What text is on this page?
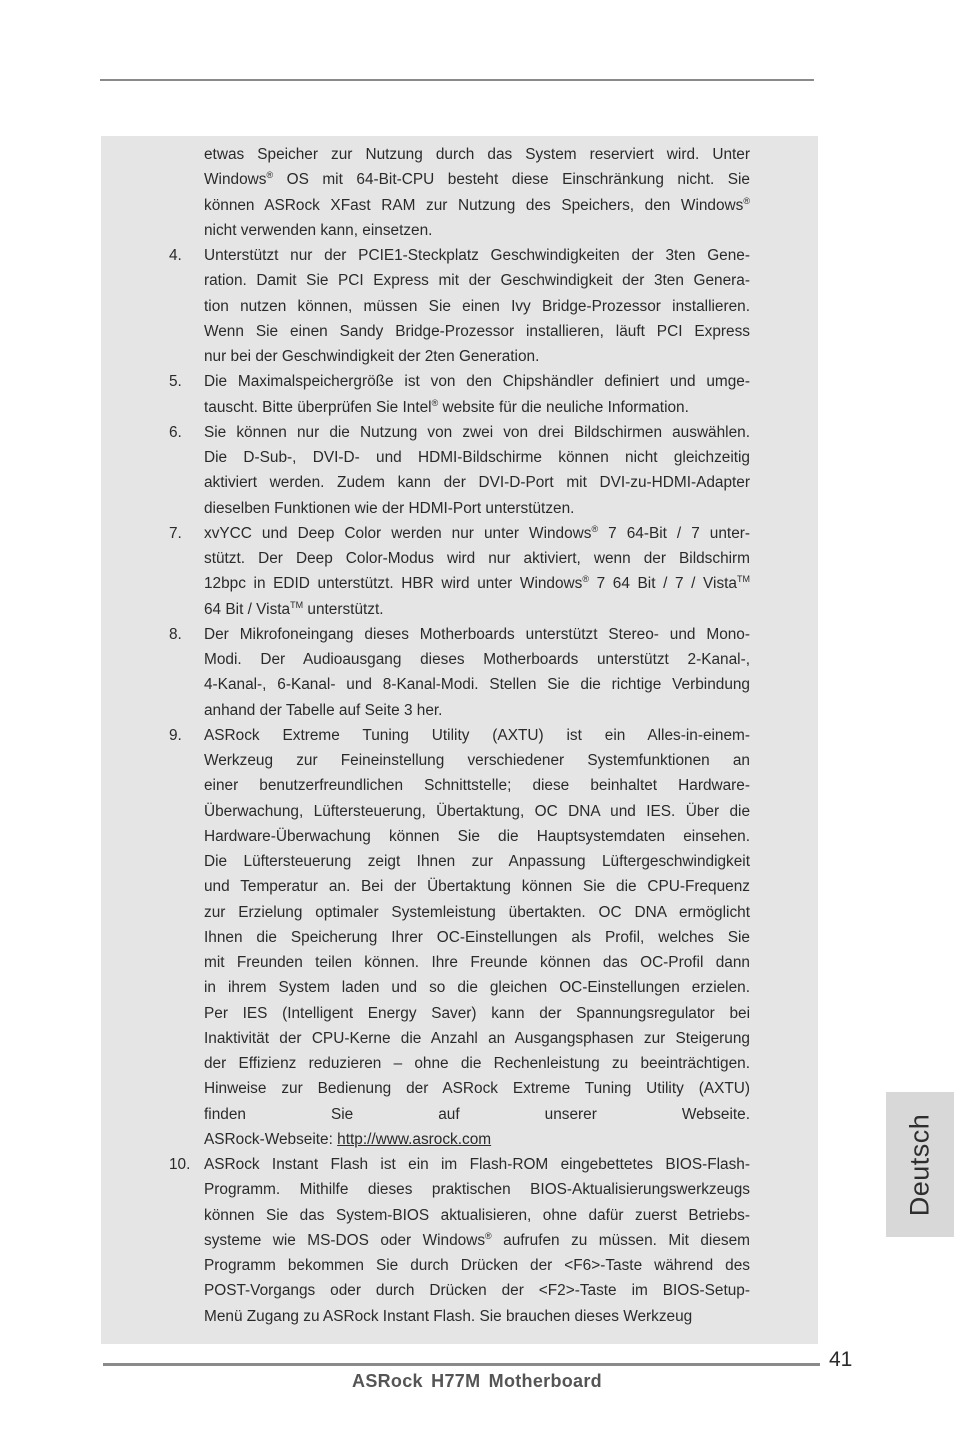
etwas Speicher zur Nutzung durch das System reserviert wird. Unter
Windows® OS mit 64-Bit-CPU besteht diese Einschränkung nicht. Sie
können ASRock XFast RAM zur Nutzung des Speichers, den Windows®
nicht verwenden kann, einsetzen.
4. Unterstützt nur der PCIE1-Steckplatz Geschwindigkeiten der 3ten Gene-
ration. Damit Sie PCI Express mit der Geschwindigkeit der 3ten Genera-
tion nutzen können, müssen Sie einen Ivy Bridge-Prozessor installieren.
Wenn Sie einen Sandy Bridge-Prozessor installieren, läuft PCI Express
nur bei der Geschwindigkeit der 2ten Generation.
5. Die Maximalspeichergröße ist von den Chipshändler definiert und umge-
tauscht. Bitte überprüfen Sie Intel® website für die neuliche Information.
6. Sie können nur die Nutzung von zwei von drei Bildschirmen auswählen.
Die D-Sub-, DVI-D- und HDMI-Bildschirme können nicht gleichzeitig
aktiviert werden. Zudem kann der DVI-D-Port mit DVI-zu-HDMI-Adapter
dieselben Funktionen wie der HDMI-Port unterstützen.
7. xvYCC und Deep Color werden nur unter Windows® 7 64-Bit / 7 unter-
stützt. Der Deep Color-Modus wird nur aktiviert, wenn der Bildschirm
12bpc in EDID unterstützt. HBR wird unter Windows® 7 64 Bit / 7 / Vista™
64 Bit / Vista™ unterstützt.
8. Der Mikrofoneingang dieses Motherboards unterstützt Stereo- und Mono-
Modi. Der Audioausgang dieses Motherboards unterstützt 2-Kanal-,
4-Kanal-, 6-Kanal- und 8-Kanal-Modi. Stellen Sie die richtige Verbindung
anhand der Tabelle auf Seite 3 her.
9. ASRock Extreme Tuning Utility (AXTU) ist ein Alles-in-einem-
Werkzeug zur Feineinstellung verschiedener Systemfunktionen an
einer benutzerfreundlichen Schnittstelle; diese beinhaltet Hardware-
Überwachung, Lüftersteuerung, Übertaktung, OC DNA und IES. Über die
Hardware-Überwachung können Sie die Hauptsystemdaten einsehen.
Die Lüftersteuerung zeigt Ihnen zur Anpassung Lüftergeschwindigkeit
und Temperatur an. Bei der Übertaktung können Sie die CPU-Frequenz
zur Erzielung optimaler Systemleistung übertakten. OC DNA ermöglicht
Ihnen die Speicherung Ihrer OC-Einstellungen als Profil, welches Sie
mit Freunden teilen können. Ihre Freunde können das OC-Profil dann
in ihrem System laden und so die gleichen OC-Einstellungen erzielen.
Per IES (Intelligent Energy Saver) kann der Spannungsregulator bei
Inaktivität der CPU-Kerne die Anzahl an Ausgangsphasen zur Steigerung
der Effizienz reduzieren – ohne die Rechenleistung zu beeinträchtigen.
Hinweise zur Bedienung der ASRock Extreme Tuning Utility (AXTU)
finden Sie auf unserer Webseite.
ASRock-Webseite: http://www.asrock.com
10. ASRock Instant Flash ist ein im Flash-ROM eingebettetes BIOS-Flash-
Programm. Mithilfe dieses praktischen BIOS-Aktualisierungswerkzeugs
können Sie das System-BIOS aktualisieren, ohne dafür zuerst Betriebs-
systeme wie MS-DOS oder Windows® aufrufen zu müssen. Mit diesem
Programm bekommen Sie durch Drücken der <F6>-Taste während des
POST-Vorgangs oder durch Drücken der <F2>-Taste im BIOS-Setup-
Menü Zugang zu ASRock Instant Flash. Sie brauchen dieses Werkzeug
Deutsch
41
ASRock H77M Motherboard
